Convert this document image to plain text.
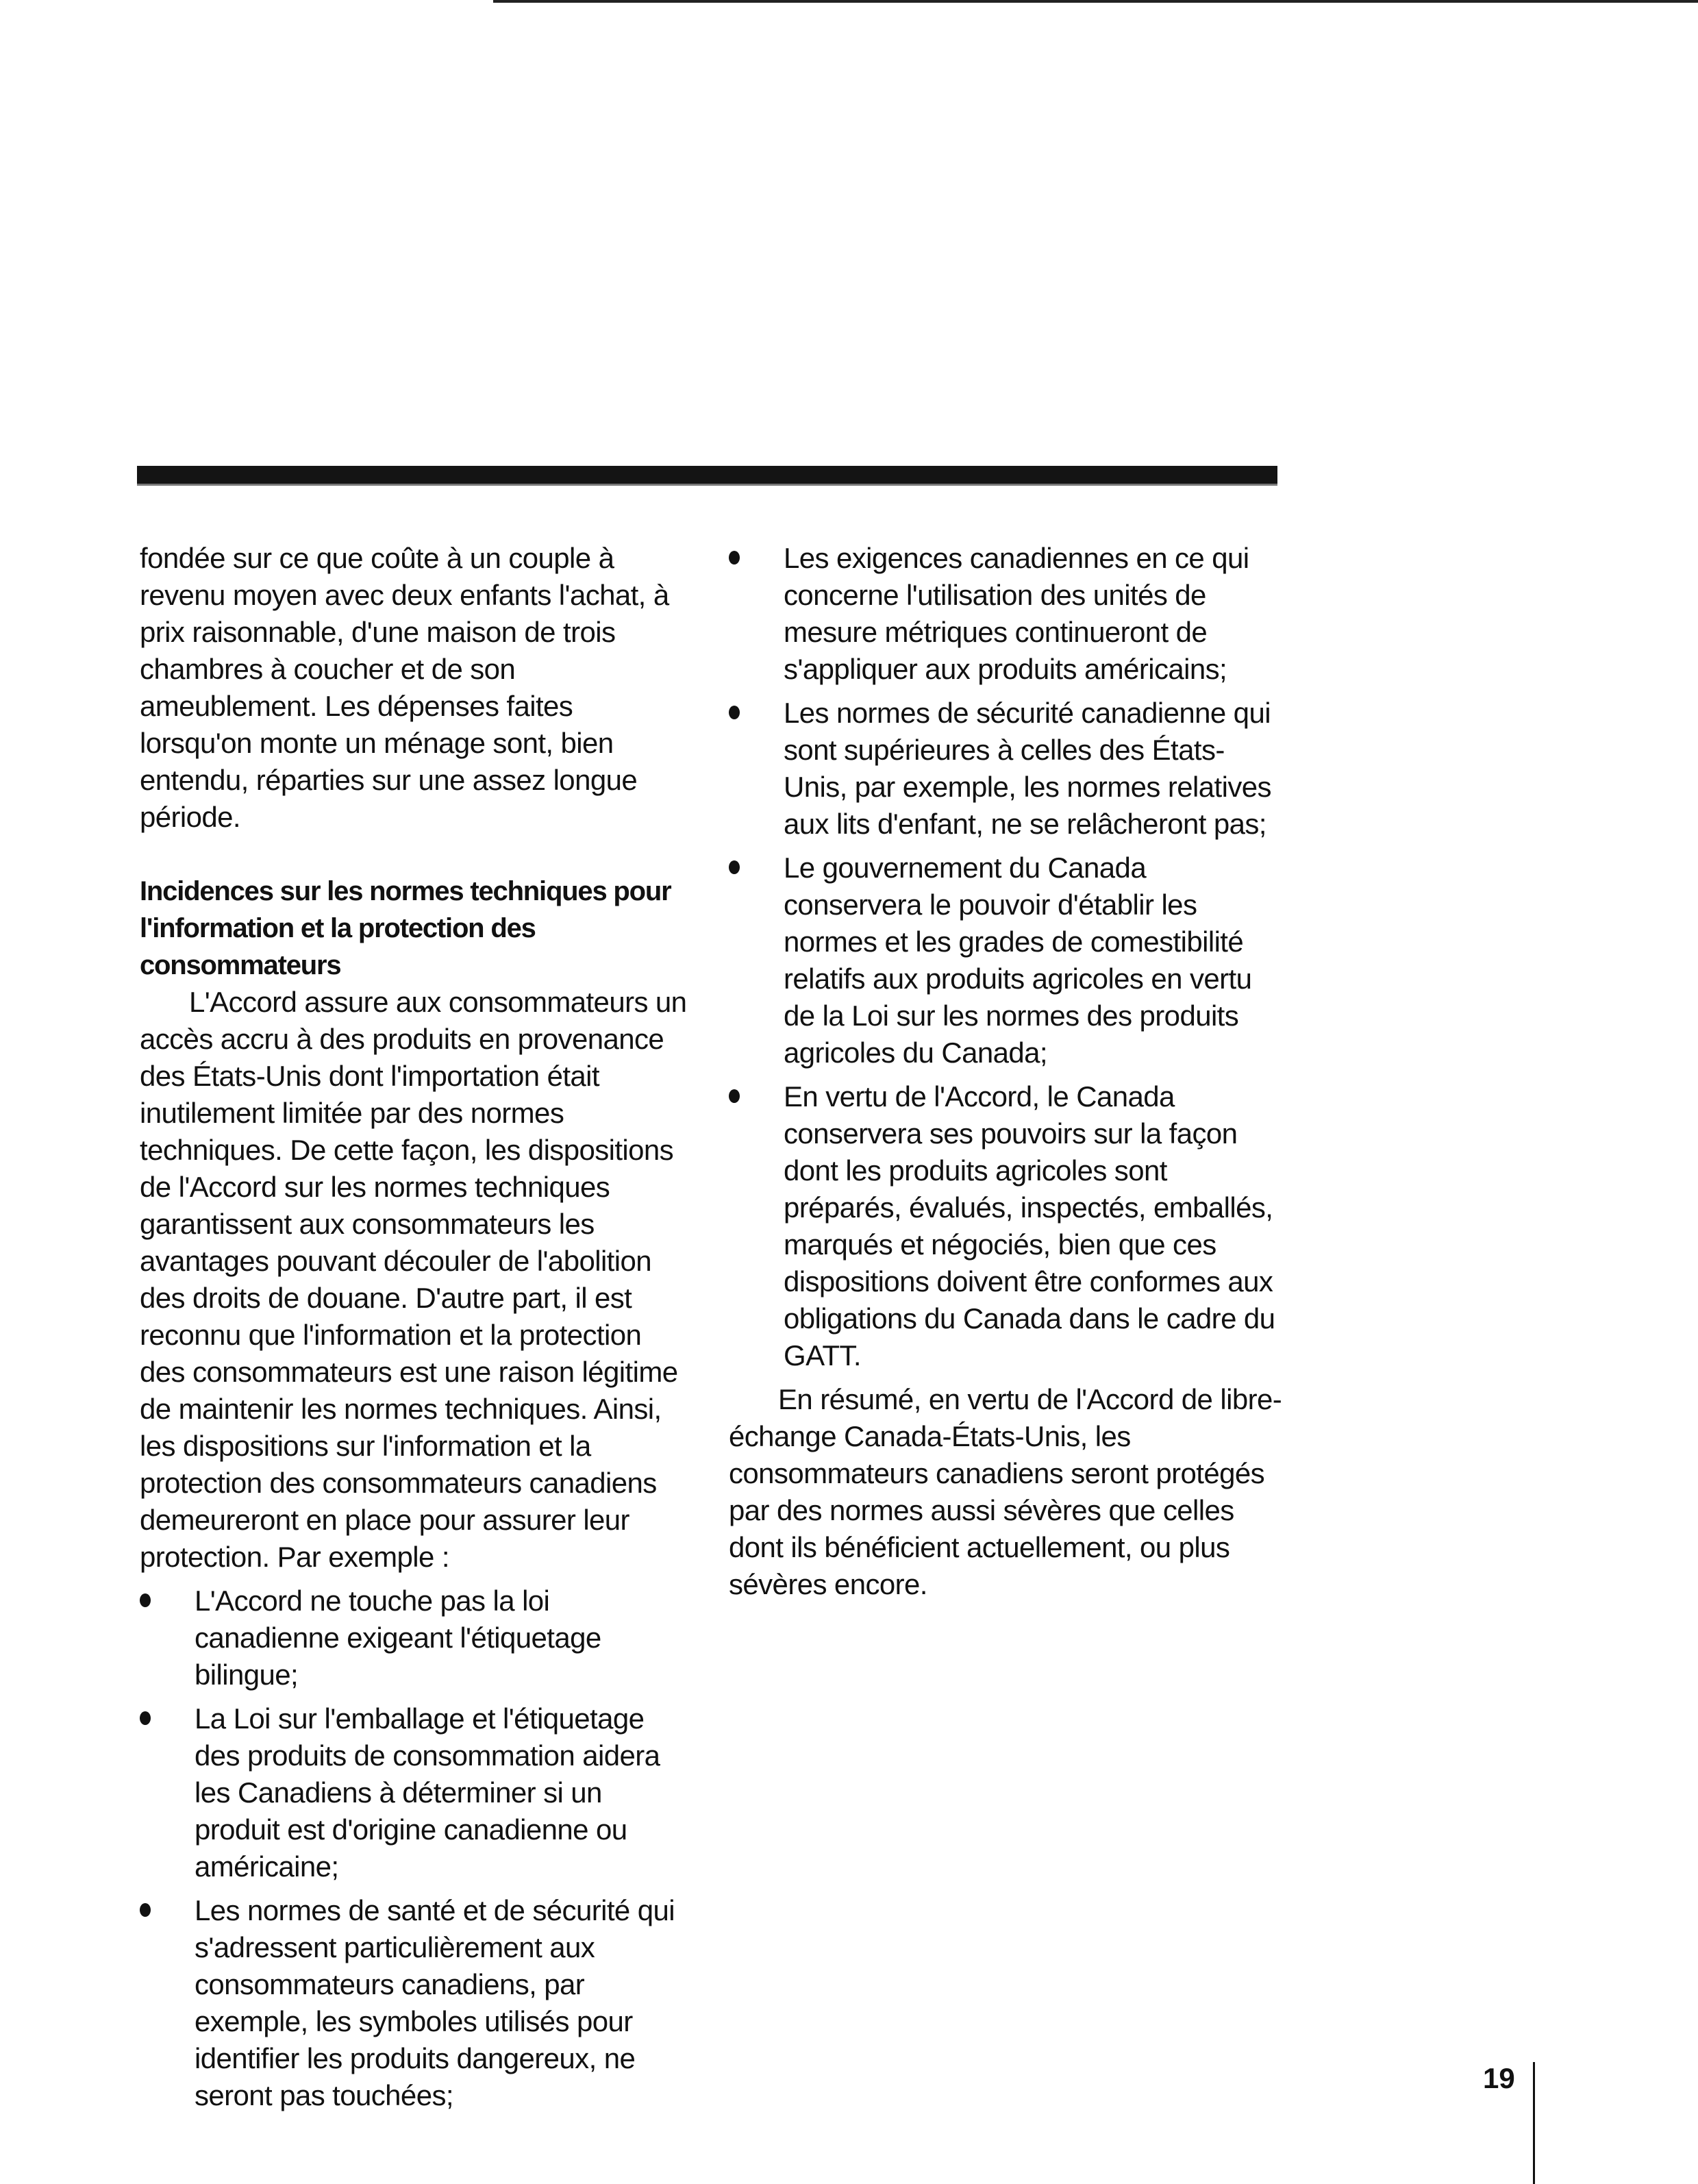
fondée sur ce que coûte à un couple à revenu moyen avec deux enfants l'achat, à prix raisonnable, d'une maison de trois chambres à coucher et de son ameublement. Les dépenses faites lorsqu'on monte un ménage sont, bien entendu, réparties sur une assez longue période.

Incidences sur les normes techniques pour l'information et la protection des consommateurs

L'Accord assure aux consommateurs un accès accru à des produits en provenance des États-Unis dont l'importation était inutilement limitée par des normes techniques. De cette façon, les dispositions de l'Accord sur les normes techniques garantissent aux consommateurs les avantages pouvant découler de l'abolition des droits de douane. D'autre part, il est reconnu que l'information et la protection des consommateurs est une raison légitime de maintenir les normes techniques. Ainsi, les dispositions sur l'information et la protection des consommateurs canadiens demeureront en place pour assurer leur protection. Par exemple :

L'Accord ne touche pas la loi canadienne exigeant l'étiquetage bilingue;
La Loi sur l'emballage et l'étiquetage des produits de consommation aidera les Canadiens à déterminer si un produit est d'origine canadienne ou américaine;
Les normes de santé et de sécurité qui s'adressent particulièrement aux consommateurs canadiens, par exemple, les symboles utilisés pour identifier les produits dangereux, ne seront pas touchées;
Les exigences canadiennes en ce qui concerne l'utilisation des unités de mesure métriques continueront de s'appliquer aux produits américains;
Les normes de sécurité canadienne qui sont supérieures à celles des États-Unis, par exemple, les normes relatives aux lits d'enfant, ne se relâcheront pas;
Le gouvernement du Canada conservera le pouvoir d'établir les normes et les grades de comestibilité relatifs aux produits agricoles en vertu de la Loi sur les normes des produits agricoles du Canada;
En vertu de l'Accord, le Canada conservera ses pouvoirs sur la façon dont les produits agricoles sont préparés, évalués, inspectés, emballés, marqués et négociés, bien que ces dispositions doivent être conformes aux obligations du Canada dans le cadre du GATT.

En résumé, en vertu de l'Accord de libre-échange Canada-États-Unis, les consommateurs canadiens seront protégés par des normes aussi sévères que celles dont ils bénéficient actuellement, ou plus sévères encore.

19
